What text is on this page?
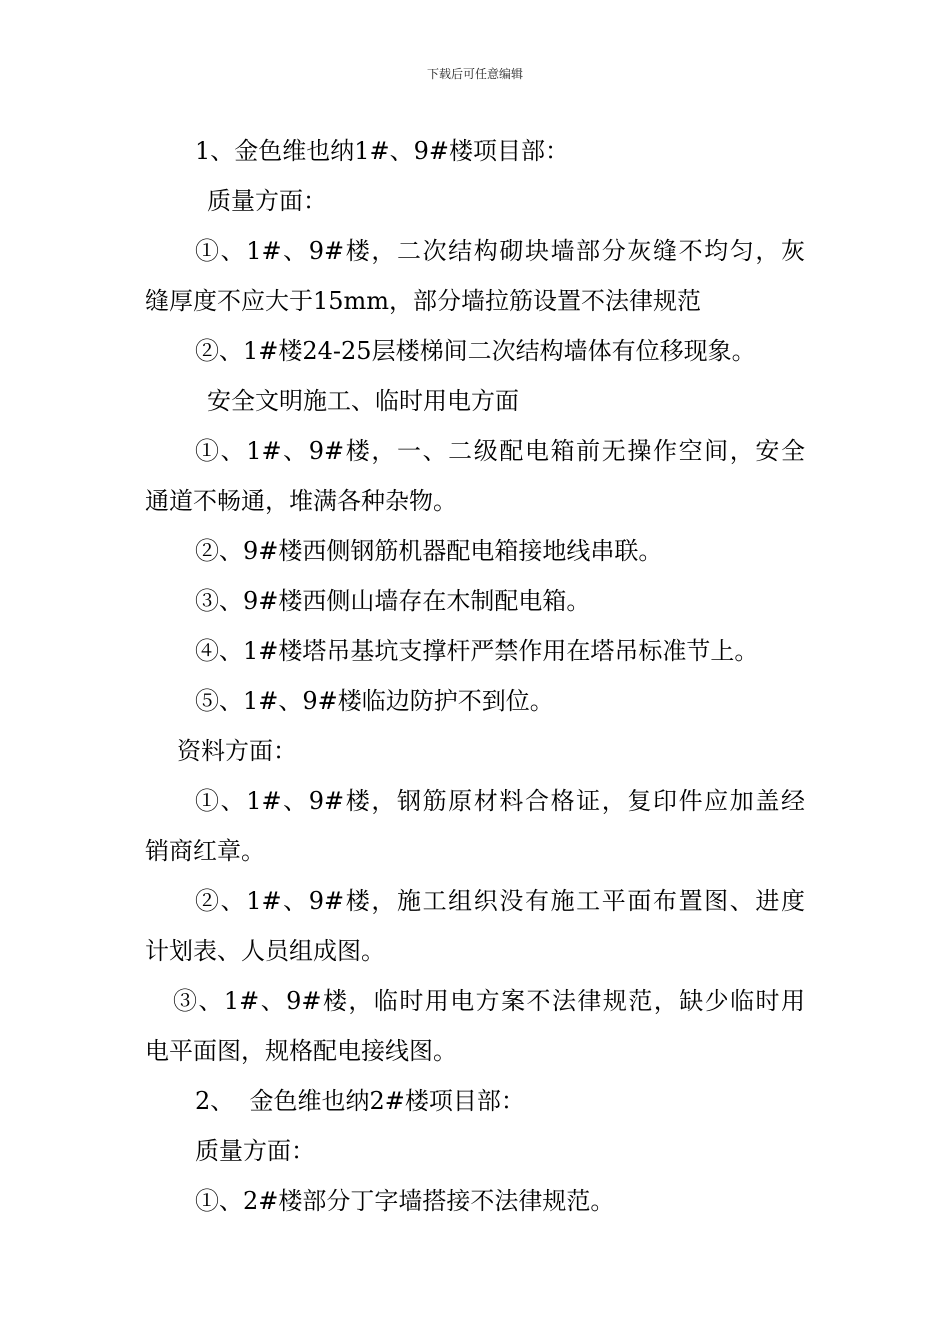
下载后可任意编辑
1、金色维也纳1#、9#楼项目部：
质量方面：
①、1#、9#楼，二次结构砌块墙部分灰缝不均匀，灰
缝厚度不应大于15mm，部分墙拉筋设置不法律规范
②、1#楼24-25层楼梯间二次结构墙体有位移现象。
安全文明施工、临时用电方面
①、1#、9#楼，一、二级配电箱前无操作空间，安全
通道不畅通，堆满各种杂物。
②、9#楼西侧钢筋机器配电箱接地线串联。
③、9#楼西侧山墙存在木制配电箱。
④、1#楼塔吊基坑支撑杆严禁作用在塔吊标准节上。
⑤、1#、9#楼临边防护不到位。
资料方面：
①、1#、9#楼，钢筋原材料合格证，复印件应加盖经
销商红章。
②、1#、9#楼，施工组织没有施工平面布置图、进度
计划表、人员组成图。
③、1#、9#楼，临时用电方案不法律规范，缺少临时用
电平面图，规格配电接线图。
2、  金色维也纳2#楼项目部：
质量方面：
①、2#楼部分丁字墙搭接不法律规范。
